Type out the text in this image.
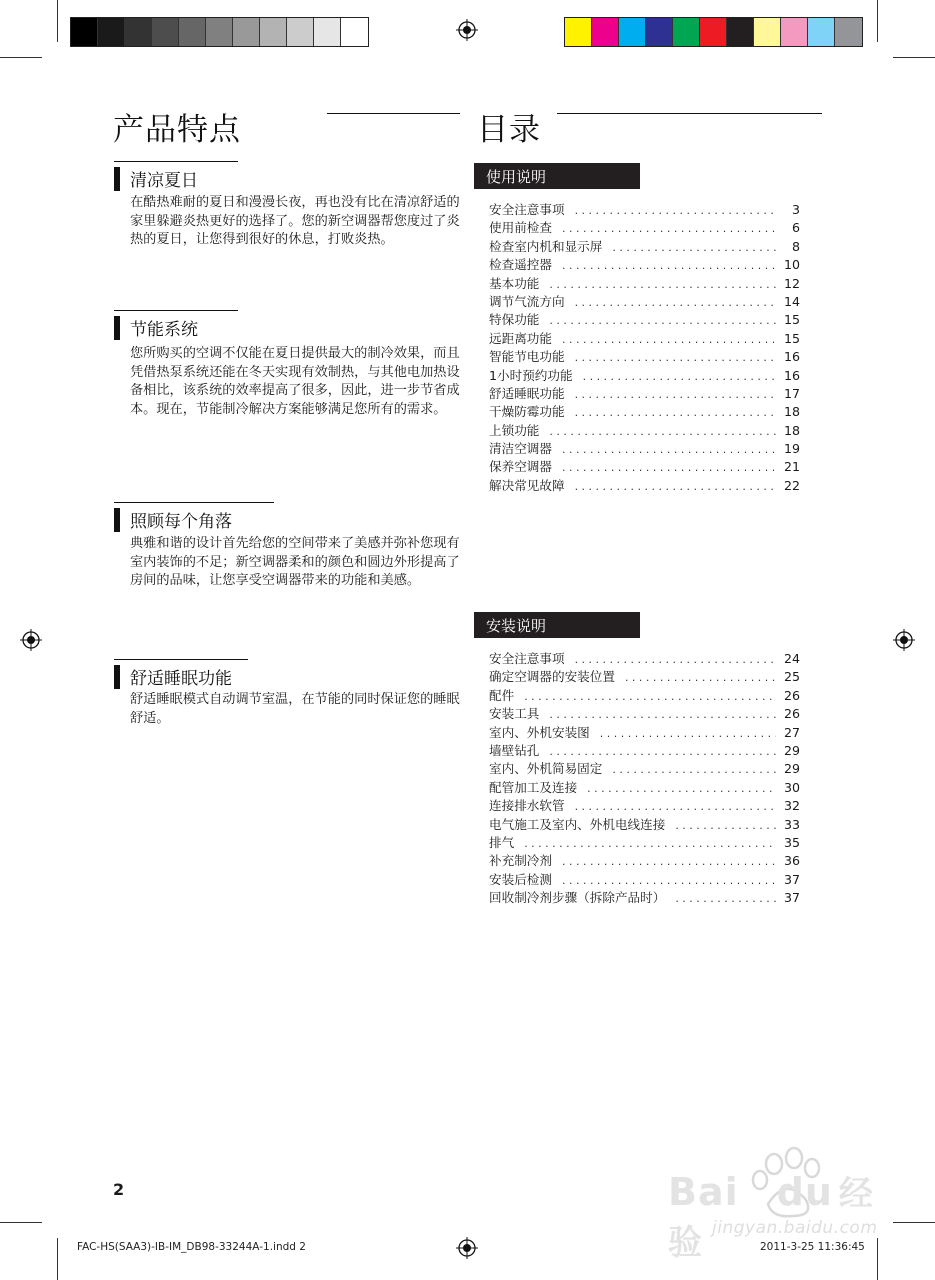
产品特点	目录
清凉夏日
在酷热难耐的夏日和漫漫长夜，再也没有比在清凉舒适的家里躲避炎热更好的选择了。您的新空调器帮您度过了炎热的夏日，让您得到很好的休息，打败炎热。
节能系统
您所购买的空调不仅能在夏日提供最大的制冷效果，而且凭借热泵系统还能在冬天实现有效制热，与其他电加热设备相比，该系统的效率提高了很多，因此，进一步节省成本。现在，节能制冷解决方案能够满足您所有的需求。
照顾每个角落
典雅和谐的设计首先给您的空间带来了美感并弥补您现有室内装饰的不足；新空调器柔和的颜色和圆边外形提高了房间的品味，让您享受空调器带来的功能和美感。
舒适睡眠功能
舒适睡眠模式自动调节室温，在节能的同时保证您的睡眠舒适。
使用说明
安全注意事项 . . .	3
使用前检查 . . .	6
检查室内机和显示屏 . . .	8
检查遥控器 . . .	10
基本功能 . . .	12
调节气流方向 . . .	14
特保功能 . . .	15
远距离功能 . . .	15
智能节电功能 . . .	16
1小时预约功能 . . .	16
舒适睡眠功能 . . .	17
干燥防霉功能 . . .	18
上锁功能 . . .	18
清洁空调器 . . .	19
保养空调器 . . .	21
解决常见故障 . . .	22
安装说明
安全注意事项 . . .	24
确定空调器的安装位置 . . .	25
配件 . . .	26
安装工具 . . .	26
室内、外机安装图 . . .	27
墙壁钻孔 . . .	29
室内、外机简易固定 . . .	29
配管加工及连接 . . .	30
连接排水软管 . . .	32
电气施工及室内、外机电线连接 . . .	33
排气 . . .	35
补充制冷剂 . . .	36
安装后检测 . . .	37
回收制冷剂步骤（拆除产品时） . . .	37
2
FAC-HS(SAA3)-IB-IM_DB98-33244A-1.indd 2	2011-3-25 11:36:45
Bai du 经验 jingyan.baidu.com
